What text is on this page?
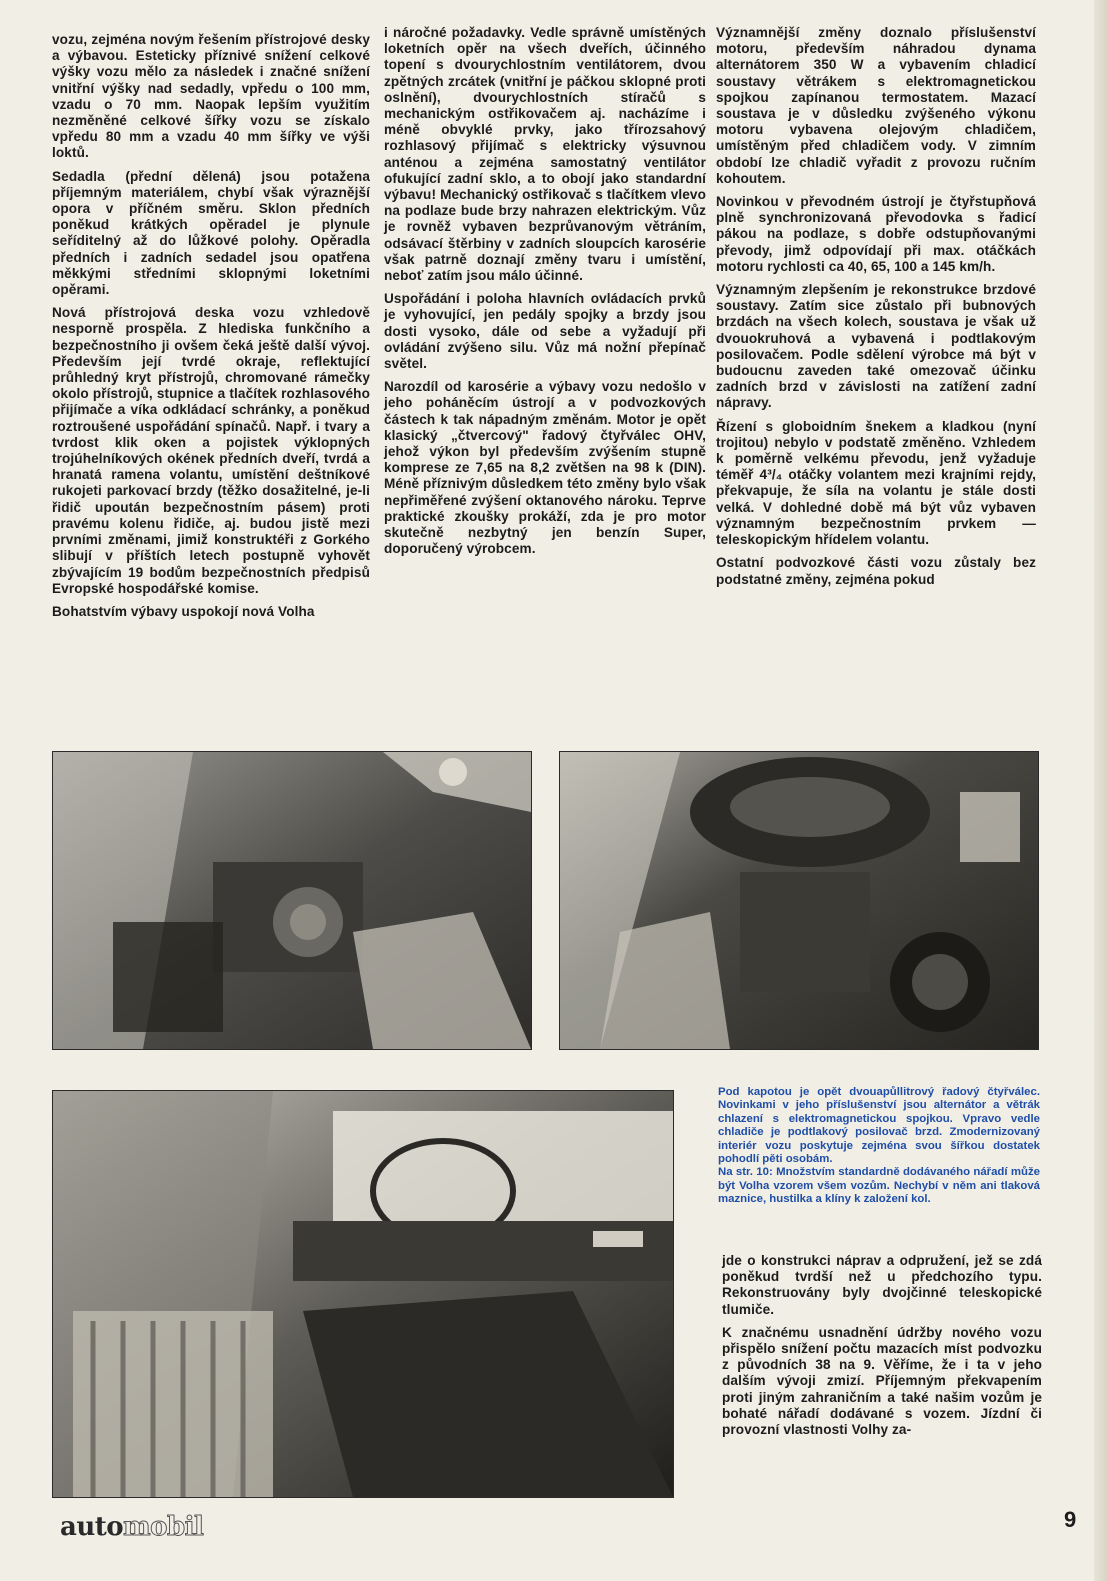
vozu, zejména novým řešením přístrojové desky a výbavou. Esteticky příznivé snížení celkové výšky vozu mělo za následek i značné snížení vnitřní výšky nad sedadly, vpředu o 100 mm, vzadu o 70 mm. Naopak lepším využitím nezměněné celkové šířky vozu se získalo vpředu 80 mm a vzadu 40 mm šířky ve výši loktů.

Sedadla (přední dělená) jsou potažena příjemným materiálem, chybí však výraznější opora v příčném směru. Sklon předních poněkud krátkých opěradel je plynule seříditelný až do lůžkové polohy. Opěradla předních i zadních sedadel jsou opatřena měkkými středními sklopnými loketními opěrami.

Nová přístrojová deska vozu vzhledově nesporně prospěla. Z hlediska funkčního a bezpečnostního ji ovšem čeká ještě další vývoj. Především její tvrdé okraje, reflektující průhledný kryt přístrojů, chromované rámečky okolo přístrojů, stupnice a tlačítek rozhlasového přijímače a víka odkládací schránky, a poněkud roztroušené uspořádání spínačů. Např. i tvary a tvrdost klik oken a pojistek výklopných trojúhelníkových okének předních dveří, tvrdá a hranatá ramena volantu, umístění deštníkové rukojeti parkovací brzdy (těžko dosažitelné, je-li řidič upoután bezpečnostním pásem) proti pravému kolenu řidiče, aj. budou jistě mezi prvními změnami, jimiž konstruktéři z Gorkého slibují v příštích letech postupně vyhovět zbývajícím 19 bodům bezpečnostních předpisů Evropské hospodářské komise.

Bohatstvím výbavy uspokojí nová Volha

i náročné požadavky. Vedle správně umístěných loketních opěr na všech dveřích, účinného topení s dvourychlostním ventilátorem, dvou zpětných zrcátek (vnitřní je páčkou sklopné proti oslnění), dvourychlostních stíračů s mechanickým ostřikovačem aj. nacházíme i méně obvyklé prvky, jako třírozsahový rozhlasový přijímač s elektricky výsuvnou anténou a zejména samostatný ventilátor ofukující zadní sklo, a to obojí jako standardní výbavu! Mechanický ostřikovač s tlačítkem vlevo na podlaze bude brzy nahrazen elektrickým. Vůz je rovněž vybaven bezprůvanovým větráním, odsávací štěrbiny v zadních sloupcích karosérie však patrně doznají změny tvaru i umístění, neboť zatím jsou málo účinné.

Uspořádání i poloha hlavních ovládacích prvků je vyhovující, jen pedály spojky a brzdy jsou dosti vysoko, dále od sebe a vyžadují při ovládání zvýšeno silu. Vůz má nožní přepínač světel.

Narozdíl od karosérie a výbavy vozu nedošlo v jeho poháněcím ústrojí a v podvozkových částech k tak nápadným změnám. Motor je opět klasický „čtvercový" řadový čtyřválec OHV, jehož výkon byl především zvýšením stupně komprese ze 7,65 na 8,2 zvětšen na 98 k (DIN). Méně příznivým důsledkem této změny bylo však nepřiměřené zvýšení oktanového nároku. Teprve praktické zkoušky prokáží, zda je pro motor skutečně nezbytný jen benzín Super, doporučený výrobcem.

Významnější změny doznalo příslušenství motoru, především náhradou dynama alternátorem 350 W a vybavením chladicí soustavy větrákem s elektromagnetickou spojkou zapínanou termostatem. Mazací soustava je v důsledku zvýšeného výkonu motoru vybavena olejovým chladičem, umístěným před chladičem vody. V zimním období lze chladič vyřadit z provozu ručním kohoutem.

Novinkou v převodném ústrojí je čtyřstupňová plně synchronizovaná převodovka s řadicí pákou na podlaze, s dobře odstupňovanými převody, jimž odpovídají při max. otáčkách motoru rychlosti ca 40, 65, 100 a 145 km/h.

Významným zlepšením je rekonstrukce brzdové soustavy. Zatím sice zůstalo při bubnových brzdách na všech kolech, soustava je však už dvouokruhová a vybavená i podtlakovým posilovačem. Podle sdělení výrobce má být v budoucnu zaveden také omezovač účinku zadních brzd v závislosti na zatížení zadní nápravy.

Řízení s globoidním šnekem a kladkou (nyní trojitou) nebylo v podstatě změněno. Vzhledem k poměrně velkému převodu, jenž vyžaduje téměř 4³/₄ otáčky volantem mezi krajními rejdy, překvapuje, že síla na volantu je stále dosti velká. V dohledné době má být vůz vybaven významným bezpečnostním prvkem — teleskopickým hřídelem volantu.

Ostatní podvozkové části vozu zůstaly bez podstatné změny, zejména pokud

Pod kapotou je opět dvouapůllitrový řadový čtyřválec. Novinkami v jeho příslušenství jsou alternátor a větrák chlazení s elektromagnetickou spojkou. Vpravo vedle chladiče je podtlakový posilovač brzd. Zmodernizovaný interiér vozu poskytuje zejména svou šířkou dostatek pohodlí pěti osobám.

Na str. 10: Množstvím standardně dodávaného nářadí může být Volha vzorem všem vozům. Nechybí v něm ani tlaková maznice, hustilka a klíny k založení kol.

jde o konstrukci náprav a odpružení, jež se zdá poněkud tvrdší než u předchozího typu. Rekonstruovány byly dvojčinné teleskopické tlumiče.

K značnému usnadnění údržby nového vozu přispělo snížení počtu mazacích míst podvozku z původních 38 na 9. Věříme, že i ta v jeho dalším vývoji zmizí. Příjemným překvapením proti jiným zahraničním a také našim vozům je bohaté nářadí dodávané s vozem. Jízdní či provozní vlastnosti Volhy za-

automobil	9
